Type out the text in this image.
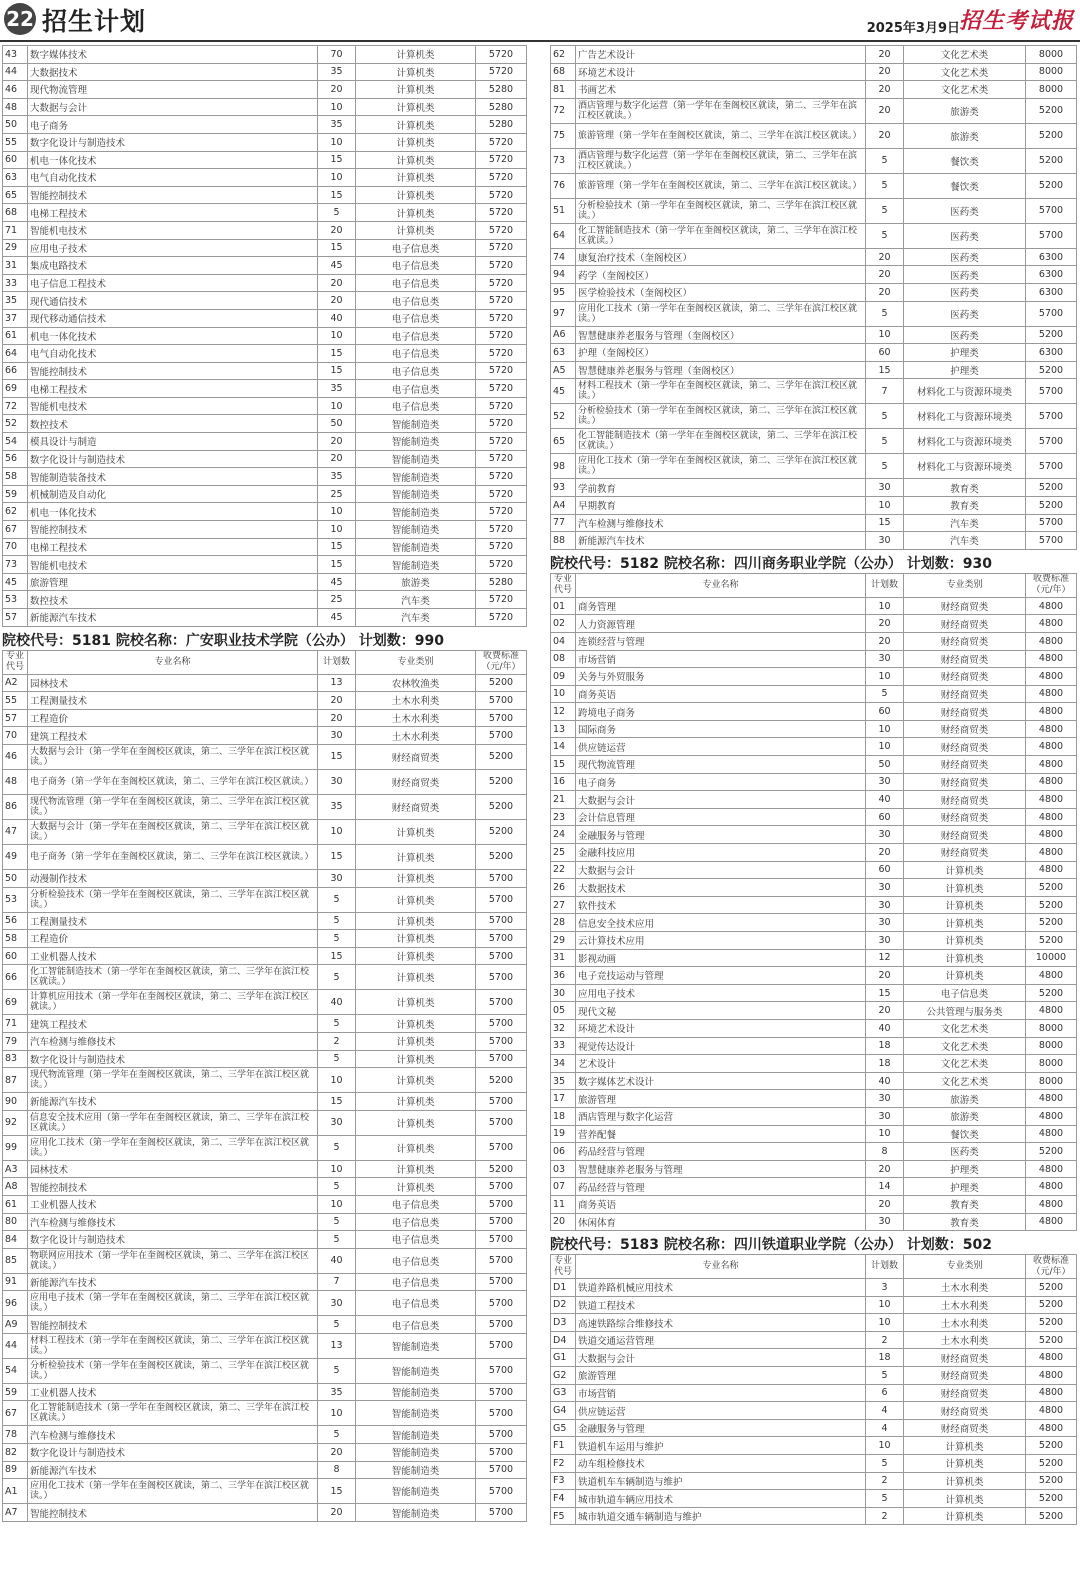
22 招生计划	2025年3月9日
招生考试报
43	数字媒体技术	70	计算机类	5720
44	大数据技术	35	计算机类	5720
46	现代物流管理	20	计算机类	5280
48	大数据与会计	10	计算机类	5280
50	电子商务	35	计算机类	5280
55	数字化设计与制造技术	10	计算机类	5720
60	机电一体化技术	15	计算机类	5720
63	电气自动化技术	10	计算机类	5720
65	智能控制技术	15	计算机类	5720
68	电梯工程技术	5	计算机类	5720
71	智能机电技术	20	计算机类	5720
29	应用电子技术	15	电子信息类	5720
31	集成电路技术	45	电子信息类	5720
33	电子信息工程技术	20	电子信息类	5720
35	现代通信技术	20	电子信息类	5720
37	现代移动通信技术	40	电子信息类	5720
61	机电一体化技术	10	电子信息类	5720
64	电气自动化技术	15	电子信息类	5720
66	智能控制技术	15	电子信息类	5720
69	电梯工程技术	35	电子信息类	5720
72	智能机电技术	10	电子信息类	5720
52	数控技术	50	智能制造类	5720
54	模具设计与制造	20	智能制造类	5720
56	数字化设计与制造技术	20	智能制造类	5720
58	智能制造装备技术	35	智能制造类	5720
59	机械制造及自动化	25	智能制造类	5720
62	机电一体化技术	10	智能制造类	5720
67	智能控制技术	10	智能制造类	5720
70	电梯工程技术	15	智能制造类	5720
73	智能机电技术	15	智能制造类	5720
45	旅游管理	45	旅游类	5280
53	数控技术	25	汽车类	5720
57	新能源汽车技术	45	汽车类	5720
院校代号：5181 院校名称：广安职业技术学院（公办） 计划数：990
专业代号	专业名称	计划数	专业类别	收费标准（元/年）
A2	园林技术	13	农林牧渔类	5200
55	工程测量技术	20	土木水利类	5700
57	工程造价	20	土木水利类	5700
70	建筑工程技术	30	土木水利类	5700
46	大数据与会计（第一学年在奎阁校区就读，第二、三学年在滨江校区就读。）	15	财经商贸类	5200
48	电子商务（第一学年在奎阁校区就读，第二、三学年在滨江校区就读。）	30	财经商贸类	5200
86	现代物流管理（第一学年在奎阁校区就读，第二、三学年在滨江校区就读。）	35	财经商贸类	5200
47	大数据与会计（第一学年在奎阁校区就读，第二、三学年在滨江校区就读。）	10	计算机类	5200
49	电子商务（第一学年在奎阁校区就读，第二、三学年在滨江校区就读。）	15	计算机类	5200
50	动漫制作技术	30	计算机类	5700
53	分析检验技术（第一学年在奎阁校区就读，第二、三学年在滨江校区就读。）	5	计算机类	5700
56	工程测量技术	5	计算机类	5700
58	工程造价	5	计算机类	5700
60	工业机器人技术	15	计算机类	5700
66	化工智能制造技术（第一学年在奎阁校区就读，第二、三学年在滨江校区就读。）	5	计算机类	5700
69	计算机应用技术（第一学年在奎阁校区就读，第二、三学年在滨江校区就读。）	40	计算机类	5700
71	建筑工程技术	5	计算机类	5700
79	汽车检测与维修技术	2	计算机类	5700
83	数字化设计与制造技术	5	计算机类	5700
87	现代物流管理（第一学年在奎阁校区就读，第二、三学年在滨江校区就读。）	10	计算机类	5200
90	新能源汽车技术	15	计算机类	5700
92	信息安全技术应用（第一学年在奎阁校区就读，第二、三学年在滨江校区就读。）	30	计算机类	5700
99	应用化工技术（第一学年在奎阁校区就读，第二、三学年在滨江校区就读。）	5	计算机类	5700
A3	园林技术	10	计算机类	5200
A8	智能控制技术	5	计算机类	5700
61	工业机器人技术	10	电子信息类	5700
80	汽车检测与维修技术	5	电子信息类	5700
84	数字化设计与制造技术	5	电子信息类	5700
85	物联网应用技术（第一学年在奎阁校区就读，第二、三学年在滨江校区就读。）	40	电子信息类	5700
91	新能源汽车技术	7	电子信息类	5700
96	应用电子技术（第一学年在奎阁校区就读，第二、三学年在滨江校区就读。）	30	电子信息类	5700
A9	智能控制技术	5	电子信息类	5700
44	材料工程技术（第一学年在奎阁校区就读，第二、三学年在滨江校区就读。）	13	智能制造类	5700
54	分析检验技术（第一学年在奎阁校区就读，第二、三学年在滨江校区就读。）	5	智能制造类	5700
59	工业机器人技术	35	智能制造类	5700
67	化工智能制造技术（第一学年在奎阁校区就读，第二、三学年在滨江校区就读。）	10	智能制造类	5700
78	汽车检测与维修技术	5	智能制造类	5700
82	数字化设计与制造技术	20	智能制造类	5700
89	新能源汽车技术	8	智能制造类	5700
A1	应用化工技术（第一学年在奎阁校区就读，第二、三学年在滨江校区就读。）	15	智能制造类	5700
A7	智能控制技术	20	智能制造类	5700
62	广告艺术设计	20	文化艺术类	8000
68	环境艺术设计	20	文化艺术类	8000
81	书画艺术	20	文化艺术类	8000
72	酒店管理与数字化运营（第一学年在奎阁校区就读，第二、三学年在滨江校区就读。）	20	旅游类	5200
75	旅游管理（第一学年在奎阁校区就读，第二、三学年在滨江校区就读。）	20	旅游类	5200
73	酒店管理与数字化运营（第一学年在奎阁校区就读，第二、三学年在滨江校区就读。）	5	餐饮类	5200
76	旅游管理（第一学年在奎阁校区就读，第二、三学年在滨江校区就读。）	5	餐饮类	5200
51	分析检验技术（第一学年在奎阁校区就读，第二、三学年在滨江校区就读。）	5	医药类	5700
64	化工智能制造技术（第一学年在奎阁校区就读，第二、三学年在滨江校区就读。）	5	医药类	5700
74	康复治疗技术（奎阁校区）	20	医药类	6300
94	药学（奎阁校区）	20	医药类	6300
95	医学检验技术（奎阁校区）	20	医药类	6300
97	应用化工技术（第一学年在奎阁校区就读，第二、三学年在滨江校区就读。）	5	医药类	5700
A6	智慧健康养老服务与管理（奎阁校区）	10	医药类	5200
63	护理（奎阁校区）	60	护理类	6300
A5	智慧健康养老服务与管理（奎阁校区）	15	护理类	5200
45	材料工程技术（第一学年在奎阁校区就读，第二、三学年在滨江校区就读。）	7	材料化工与资源环境类	5700
52	分析检验技术（第一学年在奎阁校区就读，第二、三学年在滨江校区就读。）	5	材料化工与资源环境类	5700
65	化工智能制造技术（第一学年在奎阁校区就读，第二、三学年在滨江校区就读。）	5	材料化工与资源环境类	5700
98	应用化工技术（第一学年在奎阁校区就读，第二、三学年在滨江校区就读。）	5	材料化工与资源环境类	5700
93	学前教育	30	教育类	5200
A4	早期教育	10	教育类	5200
77	汽车检测与维修技术	15	汽车类	5700
88	新能源汽车技术	30	汽车类	5700
院校代号：5182 院校名称：四川商务职业学院（公办） 计划数：930
专业代号	专业名称	计划数	专业类别	收费标准（元/年）
01	商务管理	10	财经商贸类	4800
02	人力资源管理	20	财经商贸类	4800
04	连锁经营与管理	20	财经商贸类	4800
08	市场营销	30	财经商贸类	4800
09	关务与外贸服务	10	财经商贸类	4800
10	商务英语	5	财经商贸类	4800
12	跨境电子商务	60	财经商贸类	4800
13	国际商务	10	财经商贸类	4800
14	供应链运营	10	财经商贸类	4800
15	现代物流管理	50	财经商贸类	4800
16	电子商务	30	财经商贸类	4800
21	大数据与会计	40	财经商贸类	4800
23	会计信息管理	60	财经商贸类	4800
24	金融服务与管理	30	财经商贸类	4800
25	金融科技应用	20	财经商贸类	4800
22	大数据与会计	60	计算机类	4800
26	大数据技术	30	计算机类	5200
27	软件技术	30	计算机类	5200
28	信息安全技术应用	30	计算机类	5200
29	云计算技术应用	30	计算机类	5200
31	影视动画	12	计算机类	10000
36	电子竞技运动与管理	20	计算机类	4800
30	应用电子技术	15	电子信息类	5200
05	现代文秘	20	公共管理与服务类	4800
32	环境艺术设计	40	文化艺术类	8000
33	视觉传达设计	18	文化艺术类	8000
34	艺术设计	18	文化艺术类	8000
35	数字媒体艺术设计	40	文化艺术类	8000
17	旅游管理	30	旅游类	4800
18	酒店管理与数字化运营	30	旅游类	4800
19	营养配餐	10	餐饮类	4800
06	药品经营与管理	8	医药类	5200
03	智慧健康养老服务与管理	20	护理类	4800
07	药品经营与管理	14	护理类	4800
11	商务英语	20	教育类	4800
20	休闲体育	30	教育类	4800
院校代号：5183 院校名称：四川铁道职业学院（公办） 计划数：502
专业代号	专业名称	计划数	专业类别	收费标准（元/年）
D1	铁道养路机械应用技术	3	土木水利类	5200
D2	铁道工程技术	10	土木水利类	5200
D3	高速铁路综合维修技术	10	土木水利类	5200
D4	铁道交通运营管理	2	土木水利类	5200
G1	大数据与会计	18	财经商贸类	4800
G2	旅游管理	5	财经商贸类	4800
G3	市场营销	6	财经商贸类	4800
G4	供应链运营	4	财经商贸类	4800
G5	金融服务与管理	4	财经商贸类	4800
F1	铁道机车运用与维护	10	计算机类	5200
F2	动车组检修技术	5	计算机类	5200
F3	铁道机车车辆制造与维护	2	计算机类	5200
F4	城市轨道车辆应用技术	5	计算机类	5200
F5	城市轨道交通车辆制造与维护	2	计算机类	5200
